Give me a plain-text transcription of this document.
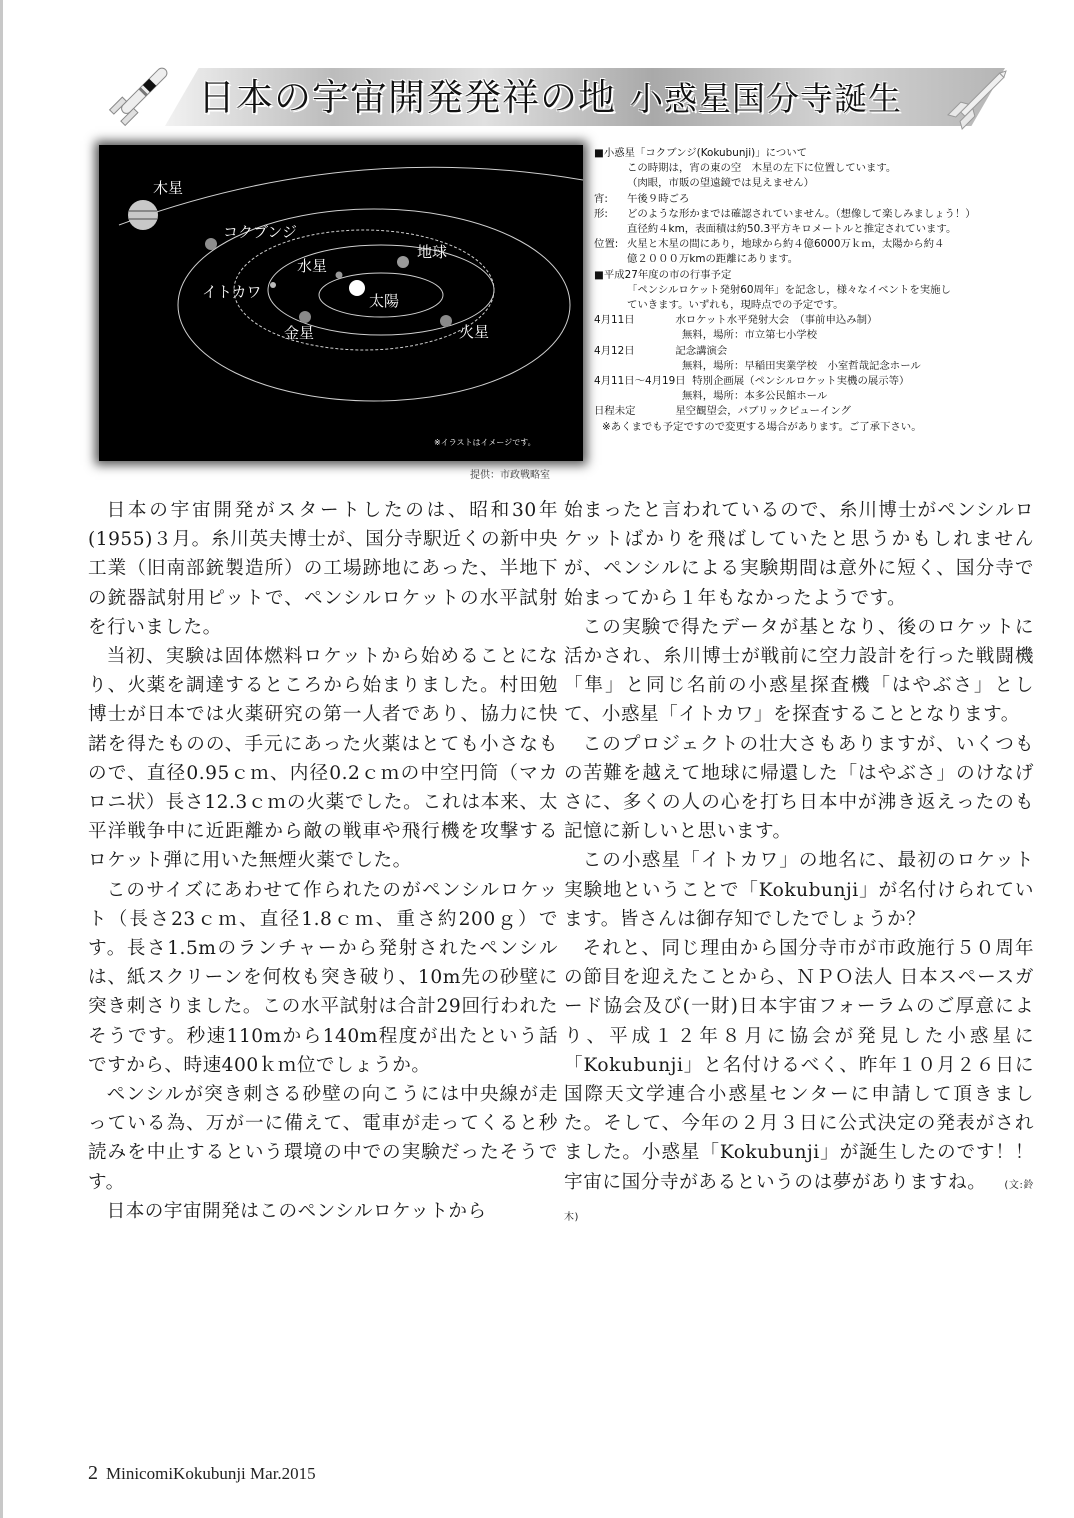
日本の宇宙開発発祥の地 小惑星国分寺誕生
木星
コクブンジ
水星
地球
イトカワ	太陽
金星	火星
※イラストはイメージです。
提供：市政戦略室
■小惑星「コクブンジ(Kokubunji)」について
この時期は，宵の東の空　木星の左下に位置しています。
（肉眼，市販の望遠鏡では見えません）
宵: 午後９時ごろ
形: どのような形かまでは確認されていません。（想像して楽しみましょう！）
直径約４km，表面積は約50.3平方キロメートルと推定されています。
位置: 火星と木星の間にあり，地球から約４億6000万ｋｍ，太陽から約４
億２０００万kmの距離にあります。
■平成27年度の市の行事予定
「ペンシルロケット発射60周年」を記念し，様々なイベントを実施し
ていきます。いずれも，現時点での予定です。
4月11日	水ロケット水平発射大会　（事前申込み制）
無料，場所：市立第七小学校
4月12日	記念講演会
無料，場所：早稲田実業学校　小室哲哉記念ホール
4月11日～4月19日 特別企画展（ペンシルロケット実機の展示等）
無料，場所：本多公民館ホール
日程未定	星空観望会，パブリックビューイング
※あくまでも予定ですので変更する場合があります。ご了承下さい。

日本の宇宙開発がスタートしたのは、昭和30年(1955)３月。糸川英夫博士が、国分寺駅近くの新中央工業（旧南部銃製造所）の工場跡地にあった、半地下の銃器試射用ピットで、ペンシルロケットの水平試射を行いました。

当初、実験は固体燃料ロケットから始めることになり、火薬を調達するところから始まりました。村田勉博士が日本では火薬研究の第一人者であり、協力に快諾を得たものの、手元にあった火薬はとても小さなもので、直径0.95ｃｍ、内径0.2ｃｍの中空円筒（マカロニ状）長さ12.3ｃｍの火薬でした。これは本来、太平洋戦争中に近距離から敵の戦車や飛行機を攻撃するロケット弾に用いた無煙火薬でした。

このサイズにあわせて作られたのがペンシルロケット（長さ23ｃｍ、直径1.8ｃｍ、重さ約200ｇ）です。長さ1.5mのランチャーから発射されたペンシルは、紙スクリーンを何枚も突き破り、10m先の砂壁に突き刺さりました。この水平試射は合計29回行われたそうです。秒速110mから140m程度が出たという話ですから、時速400ｋｍ位でしょうか。

ペンシルが突き刺さる砂壁の向こうには中央線が走っている為、万が一に備えて、電車が走ってくると秒読みを中止するという環境の中での実験だったそうです。

日本の宇宙開発はこのペンシルロケットから

始まったと言われているので、糸川博士がペンシルロケットばかりを飛ばしていたと思うかもしれませんが、ペンシルによる実験期間は意外に短く、国分寺で始まってから１年もなかったようです。

この実験で得たデータが基となり、後のロケットに活かされ、糸川博士が戦前に空力設計を行った戦闘機「隼」と同じ名前の小惑星探査機「はやぶさ」として、小惑星「イトカワ」を探査することとなります。

このプロジェクトの壮大さもありますが、いくつもの苦難を越えて地球に帰還した「はやぶさ」のけなげさに、多くの人の心を打ち日本中が沸き返えったのも記憶に新しいと思います。

この小惑星「イトカワ」の地名に、最初のロケット実験地ということで「Kokubunji」が名付けられています。皆さんは御存知でしたでしょうか？

それと、同じ理由から国分寺市が市政施行５０周年の節目を迎えたことから、ＮＰＯ法人 日本スペースガード協会及び(一財)日本宇宙フォーラムのご厚意により、平成１２年８月に協会が発見した小惑星に「Kokubunji」と名付けるべく、昨年１０月２６日に国際天文学連合小惑星センターに申請して頂きました。そして、今年の２月３日に公式決定の発表がされました。小惑星「Kokubunji」が誕生したのです！！宇宙に国分寺があるというのは夢がありますね。 (文:鈴木)

2 MinicomiKokubunji Mar.2015
